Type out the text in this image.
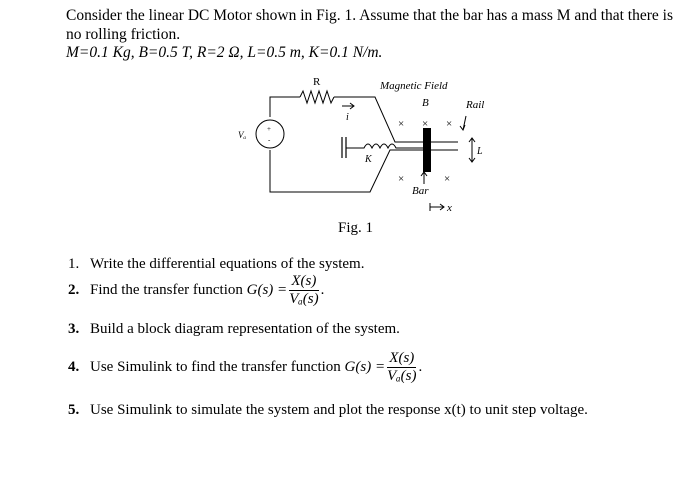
Consider the linear DC Motor shown in Fig. 1. Assume that the bar has a mass M and that there is no rolling friction.
M=0.1 Kg, B=0.5 T, R=2 Ω, L=0.5 m, K=0.1 N/m.
R
i
+
-
Vₐ
K
× × ×
×	×
Magnetic Field
B	Rail
L
Bar
x
Fig. 1
1. Write the differential equations of the system.
2. Find the transfer function $G(s) = \frac{X(s)}{\text{Vₐ(s)}}$ .
3. Build a block diagram representation of the system.
4. Use Simulink to find the transfer function $G(s) = \frac{X(s)}{\text{Vₐ(s)}}$ .
5. Use Simulink to simulate the system and plot the response x(t) to unit step voltage.
